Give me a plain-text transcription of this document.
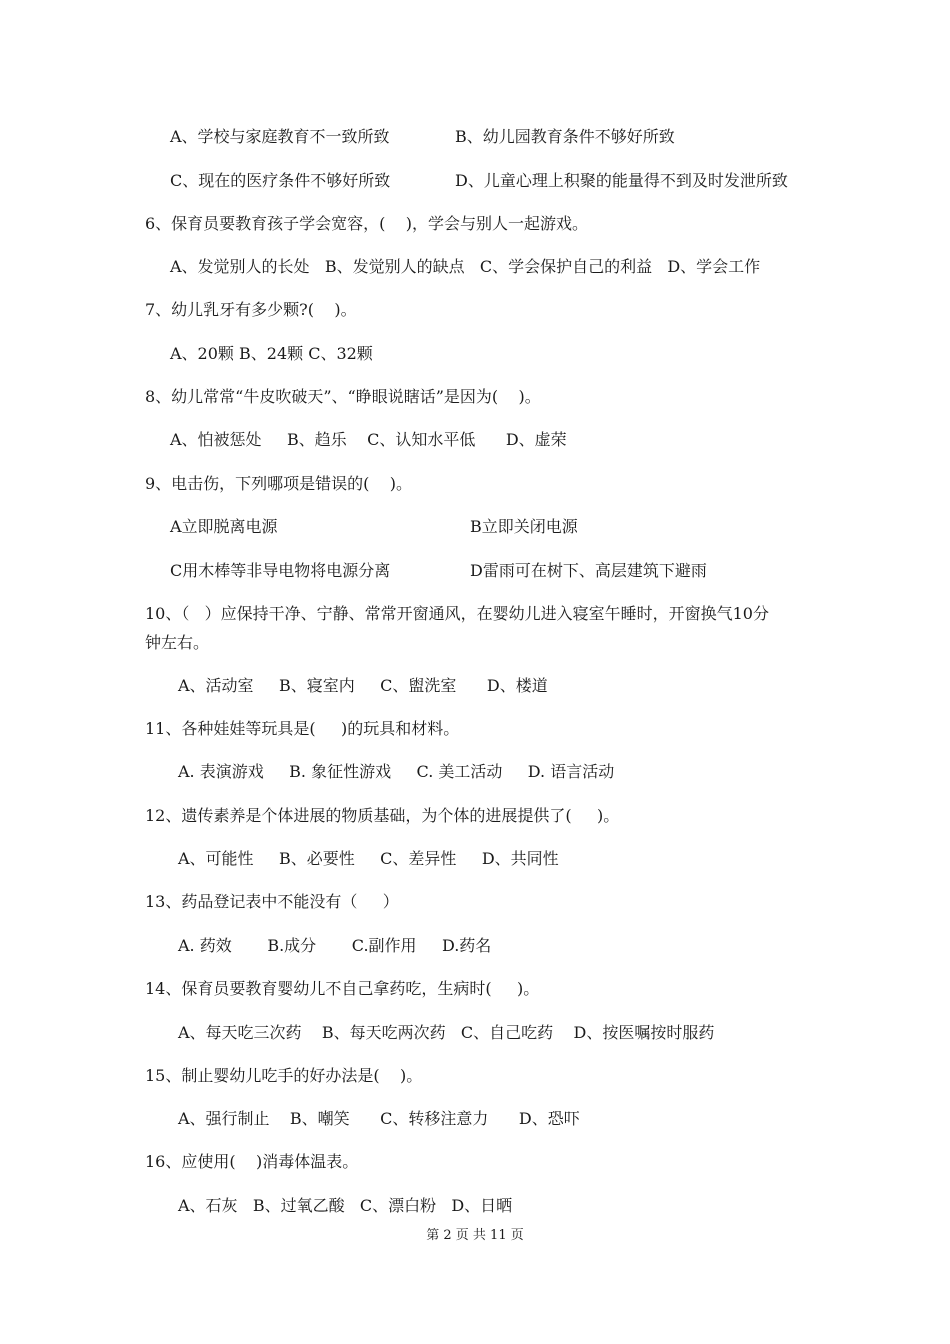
A、学校与家庭教育不一致所致	B、幼儿园教育条件不够好所致
C、现在的医疗条件不够好所致	D、儿童心理上积聚的能量得不到及时发泄所致
6、保育员要教育孩子学会宽容，(    )，学会与别人一起游戏。
A、发觉别人的长处   B、发觉别人的缺点   C、学会保护自己的利益   D、学会工作
7、幼儿乳牙有多少颗?(    )。
A、20颗 B、24颗 C、32颗
8、幼儿常常“牛皮吹破天”、“睁眼说瞎话”是因为(    )。
A、怕被惩处     B、趋乐    C、认知水平低      D、虚荣
9、电击伤，下列哪项是错误的(    )。
A立即脱离电源	B立即关闭电源
C用木棒等非导电物将电源分离	D雷雨可在树下、高层建筑下避雨
10、（   ）应保持干净、宁静、常常开窗通风，在婴幼儿进入寝室午睡时，开窗换气10分
钟左右。
A、活动室     B、寝室内     C、盥洗室      D、楼道
11、各种娃娃等玩具是(     )的玩具和材料。
A. 表演游戏     B. 象征性游戏     C. 美工活动     D. 语言活动
12、遗传素养是个体进展的物质基础，为个体的进展提供了(     )。
A、可能性     B、必要性     C、差异性     D、共同性
13、药品登记表中不能没有（     ）
A. 药效       B.成分       C.副作用     D.药名
14、保育员要教育婴幼儿不自己拿药吃，生病时(     )。
A、每天吃三次药    B、每天吃两次药   C、自己吃药    D、按医嘱按时服药
15、制止婴幼儿吃手的好办法是(    )。
A、强行制止    B、嘲笑      C、转移注意力      D、恐吓
16、应使用(    )消毒体温表。
A、石灰   B、过氧乙酸   C、漂白粉   D、日晒
第 2 页 共 11 页
